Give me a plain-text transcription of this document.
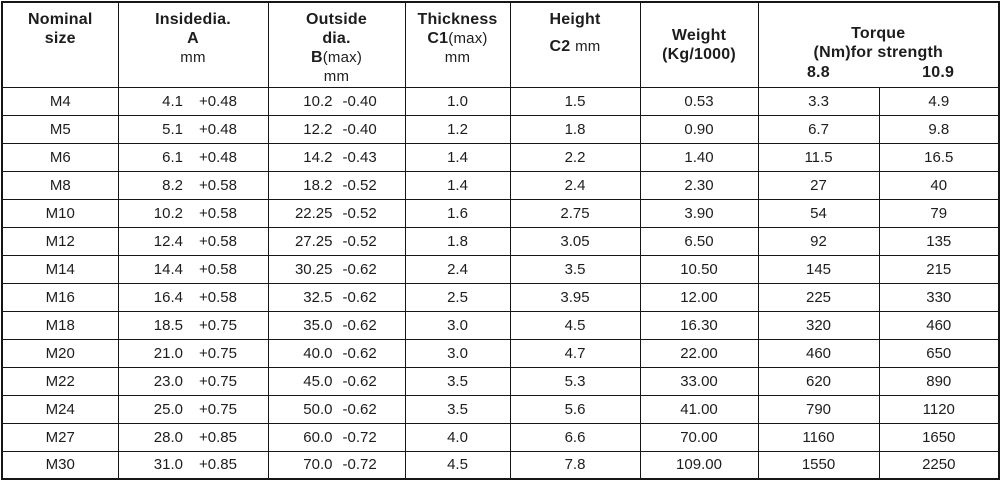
Nominal
size

Insidedia.
A
mm

Outside
dia.
B(max)
mm

Thickness
C1(max)
mm

Height
C2 mm

Weight
(Kg/1000)

Torque
(Nm)for strength
8.8	10.9

M4	4.1 +0.48	10.2 -0.40	1.0	1.5	0.53	3.3	4.9
M5	5.1 +0.48	12.2 -0.40	1.2	1.8	0.90	6.7	9.8
M6	6.1 +0.48	14.2 -0.43	1.4	2.2	1.40	11.5	16.5
M8	8.2 +0.58	18.2 -0.52	1.4	2.4	2.30	27	40
M10	10.2 +0.58	22.25 -0.52	1.6	2.75	3.90	54	79
M12	12.4 +0.58	27.25 -0.52	1.8	3.05	6.50	92	135
M14	14.4 +0.58	30.25 -0.62	2.4	3.5	10.50	145	215
M16	16.4 +0.58	32.5 -0.62	2.5	3.95	12.00	225	330
M18	18.5 +0.75	35.0 -0.62	3.0	4.5	16.30	320	460
M20	21.0 +0.75	40.0 -0.62	3.0	4.7	22.00	460	650
M22	23.0 +0.75	45.0 -0.62	3.5	5.3	33.00	620	890
M24	25.0 +0.75	50.0 -0.62	3.5	5.6	41.00	790	1120
M27	28.0 +0.85	60.0 -0.72	4.0	6.6	70.00	1160	1650
M30	31.0 +0.85	70.0 -0.72	4.5	7.8	109.00	1550	2250
